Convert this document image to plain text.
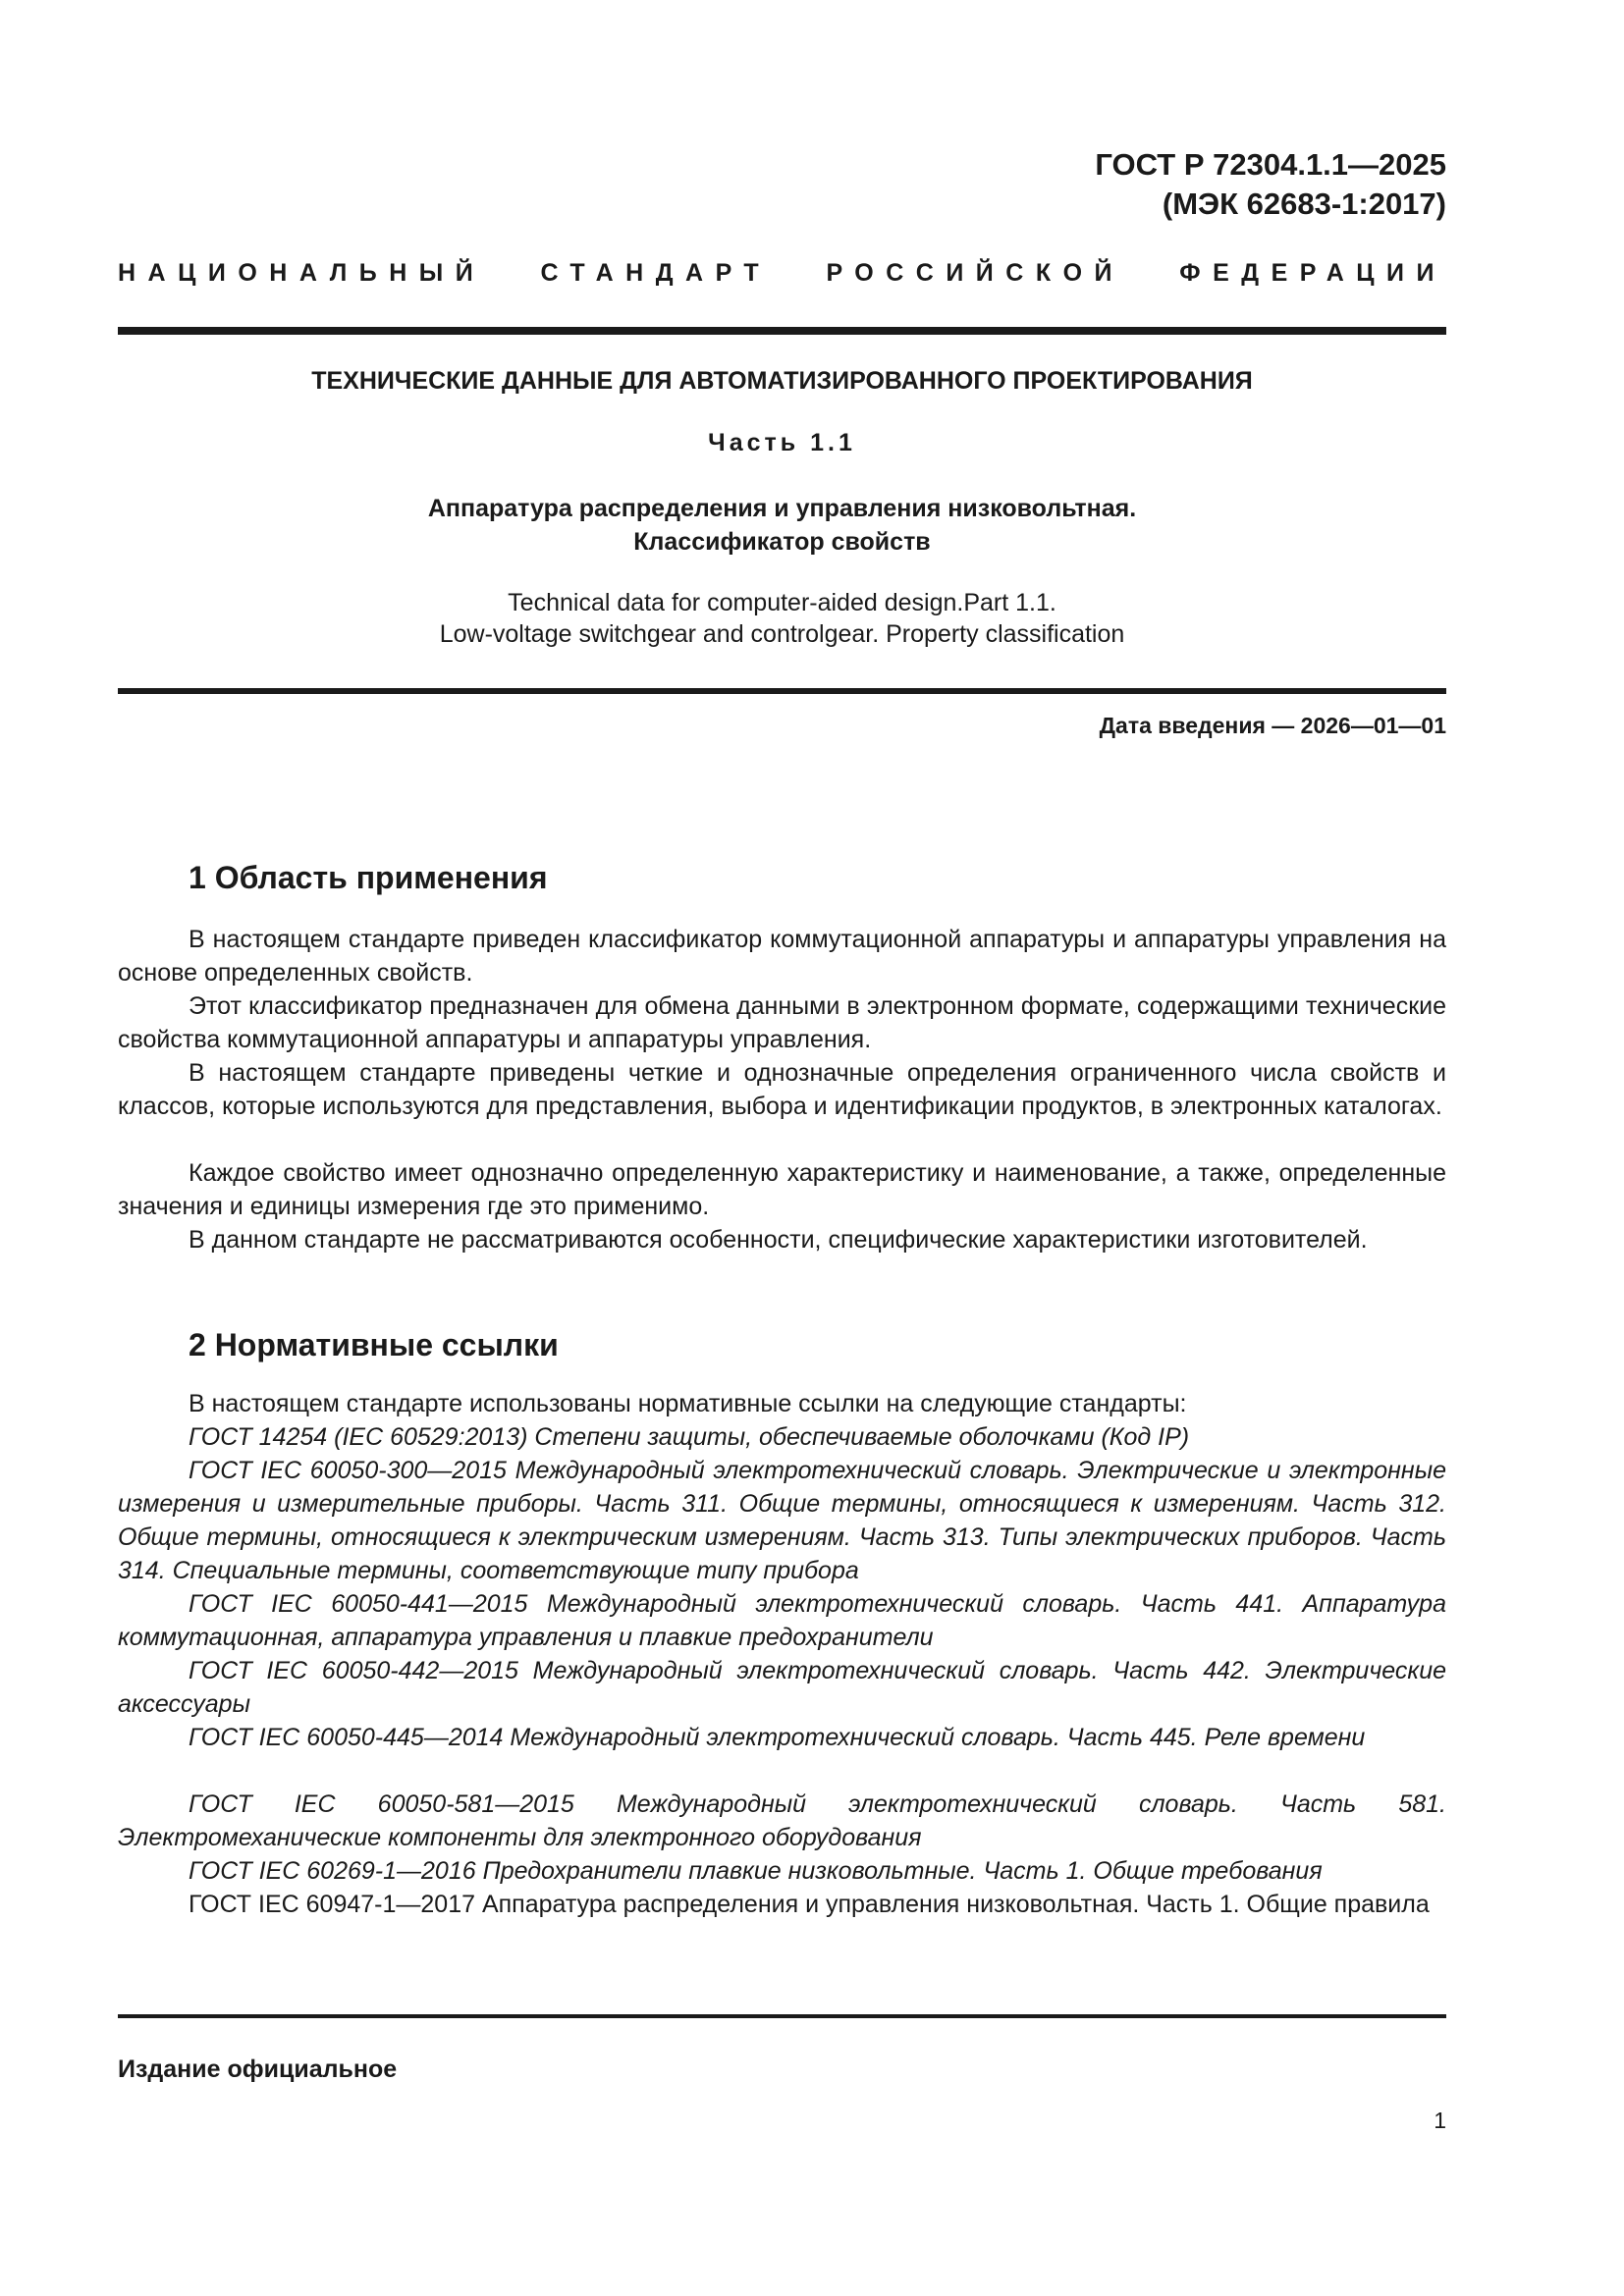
ГОСТ Р 72304.1.1—2025
(МЭК 62683-1:2017)
НАЦИОНАЛЬНЫЙ СТАНДАРТ РОССИЙСКОЙ ФЕДЕРАЦИИ
ТЕХНИЧЕСКИЕ ДАННЫЕ ДЛЯ АВТОМАТИЗИРОВАННОГО ПРОЕКТИРОВАНИЯ
Часть 1.1
Аппаратура распределения и управления низковольтная.
Классификатор свойств
Technical data for computer-aided design.Part 1.1.
Low-voltage switchgear and controlgear. Property classification
Дата введения — 2026—01—01
1 Область применения

В настоящем стандарте приведен классификатор коммутационной аппаратуры и аппаратуры управления на основе определенных свойств.

Этот классификатор предназначен для обмена данными в электронном формате, содержащими технические свойства коммутационной аппаратуры и аппаратуры управления.

В настоящем стандарте приведены четкие и однозначные определения ограниченного числа свойств и классов, которые используются для представления, выбора и идентификации продуктов, в электронных каталогах.

Каждое свойство имеет однозначно определенную характеристику и наименование, а также, определенные значения и единицы измерения где это применимо.

В данном стандарте не рассматриваются особенности, специфические характеристики изготовителей.

2 Нормативные ссылки

В настоящем стандарте использованы нормативные ссылки на следующие стандарты:

ГОСТ 14254 (IEC 60529:2013) Степени защиты, обеспечиваемые оболочками (Код IP)

ГОСТ IEC 60050-300—2015 Международный электротехнический словарь. Электрические и электронные измерения и измерительные приборы. Часть 311. Общие термины, относящиеся к измерениям. Часть 312. Общие термины, относящиеся к электрическим измерениям. Часть 313. Типы электрических приборов. Часть 314. Специальные термины, соответствующие типу прибора

ГОСТ IEC 60050-441—2015 Международный электротехнический словарь. Часть 441. Аппаратура коммутационная, аппаратура управления и плавкие предохранители

ГОСТ IEC 60050-442—2015 Международный электротехнический словарь. Часть 442. Электрические аксессуары

ГОСТ IEC 60050-445—2014 Международный электротехнический словарь. Часть 445. Реле времени

ГОСТ IEC 60050-581—2015 Международный электротехнический словарь. Часть 581. Электромеханические компоненты для электронного оборудования

ГОСТ IEC 60269-1—2016 Предохранители плавкие низковольтные. Часть 1. Общие требования

ГОСТ IEC 60947-1—2017 Аппаратура распределения и управления низковольтная. Часть 1. Общие правила

Издание официальное
1
